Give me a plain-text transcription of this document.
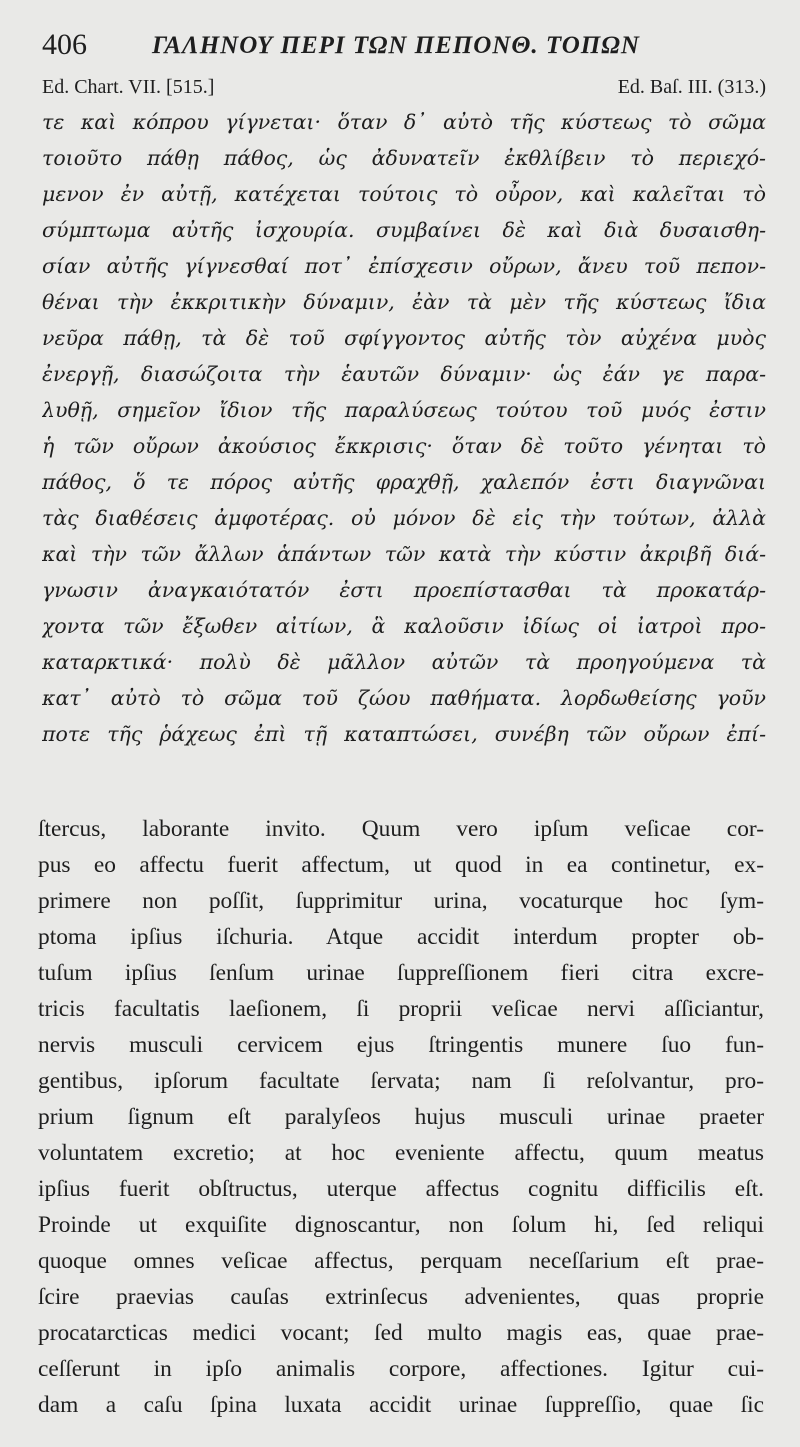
406	ΓΑΛΗΝΟΥ ΠΕΡΙ ΤΩΝ ΠΕΠΟΝΘ. ΤΟΠΩΝ
Ed. Chart. VII. [515.]	Ed. Baſ. III. (313.)
τε καὶ κόπρου γίγνεται· ὅταν δ᾽ αὐτὸ τῆς κύστεως τὸ σῶμα
τοιοῦτο πάθῃ πάθος, ὡς ἀδυνατεῖν ἐκθλίβειν τὸ περιεχό-
μενον ἐν αὐτῇ, κατέχεται τούτοις τὸ οὖρον, καὶ καλεῖται τὸ
σύμπτωμα αὐτῆς ἰσχουρία. συμβαίνει δὲ καὶ διὰ δυσαισθη-
σίαν αὐτῆς γίγνεσθαί ποτ᾽ ἐπίσχεσιν οὔρων, ἄνευ τοῦ πεπον-
θέναι τὴν ἐκκριτικὴν δύναμιν, ἐὰν τὰ μὲν τῆς κύστεως ἴδια
νεῦρα πάθῃ, τὰ δὲ τοῦ σφίγγοντος αὐτῆς τὸν αὐχένα μυὸς
ἐνεργῇ, διασώζοιτα τὴν ἑαυτῶν δύναμιν· ὡς ἐάν γε παρα-
λυθῇ, σημεῖον ἴδιον τῆς παραλύσεως τούτου τοῦ μυός ἐστιν
ἡ τῶν οὔρων ἀκούσιος ἔκκρισις· ὅταν δὲ τοῦτο γένηται τὸ
πάθος, ὅ τε πόρος αὐτῆς φραχθῇ, χαλεπόν ἐστι διαγνῶναι
τὰς διαθέσεις ἀμφοτέρας. οὐ μόνον δὲ εἰς τὴν τούτων, ἀλλὰ
καὶ τὴν τῶν ἄλλων ἁπάντων τῶν κατὰ τὴν κύστιν ἀκριβῆ διά-
γνωσιν ἀναγκαιότατόν ἐστι προεπίστασθαι τὰ προκατάρ-
χοντα τῶν ἔξωθεν αἰτίων, ἃ καλοῦσιν ἰδίως οἱ ἰατροὶ προ-
καταρκτικά· πολὺ δὲ μᾶλλον αὐτῶν τὰ προηγούμενα τὰ
κατ᾽ αὐτὸ τὸ σῶμα τοῦ ζώου παθήματα. λορδωθείσης γοῦν
ποτε τῆς ῥάχεως ἐπὶ τῇ καταπτώσει, συνέβη τῶν οὔρων ἐπί-
ſtercus, laborante invito. Quum vero ipſum veſicae cor-
pus eo affectu fuerit affectum, ut quod in ea continetur, ex-
primere non poſſit, ſupprimitur urina, vocaturque hoc ſym-
ptoma ipſius iſchuria. Atque accidit interdum propter ob-
tuſum ipſius ſenſum urinae ſuppreſſionem fieri citra excre-
tricis facultatis laeſionem, ſi proprii veſicae nervi aſſiciantur,
nervis musculi cervicem ejus ſtringentis munere ſuo fun-
gentibus, ipſorum facultate ſervata; nam ſi reſolvantur, pro-
prium ſignum eſt paralyſeos hujus musculi urinae praeter
voluntatem excretio; at hoc eveniente affectu, quum meatus
ipſius fuerit obſtructus, uterque affectus cognitu difficilis eſt.
Proinde ut exquiſite dignoscantur, non ſolum hi, ſed reliqui
quoque omnes veſicae affectus, perquam neceſſarium eſt prae-
ſcire praevias cauſas extrinſecus advenientes, quas proprie
procatarcticas medici vocant; ſed multo magis eas, quae prae-
ceſſerunt in ipſo animalis corpore, affectiones. Igitur cui-
dam a caſu ſpina luxata accidit urinae ſuppreſſio, quae ſic
